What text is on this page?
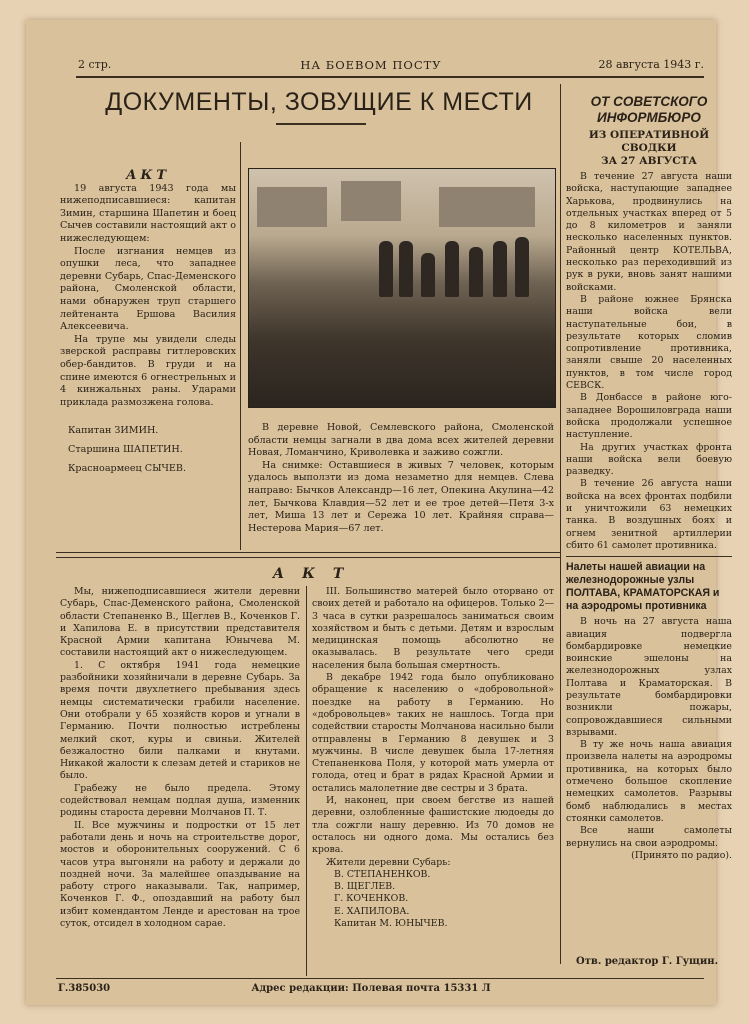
2 стр.	НА БОЕВОМ ПОСТУ	28 августа 1943 г.
ДОКУМЕНТЫ, ЗОВУЩИЕ К МЕСТИ

АКТ

19 августа 1943 года мы нижеподписавшиеся: капитан Зимин, старшина Шапетин и боец Сычев составили настоящий акт о нижеследующем:

После изгнания немцев из опушки леса, что западнее деревни Субарь, Спас-Деменского района, Смоленской области, нами обнаружен труп старшего лейтенанта Ершова Василия Алексеевича.

На трупе мы увидели следы зверской расправы гитлеровских обер-бандитов. В груди и на спине имеются 6 огнестрельных и 4 кинжальных раны. Ударами приклада размозжена голова.

Капитан ЗИМИН.

Старшина ШАПЕТИН.

Красноармеец СЫЧЕВ.

В деревне Новой, Семлевского района, Смоленской области немцы загнали в два дома всех жителей деревни Новая, Ломанчино, Криволевка и заживо сожгли.

На снимке: Оставшиеся в живых 7 человек, которым удалось выползти из дома незаметно для немцев. Слева направо: Бычков Александр—16 лет, Опекина Акулина—42 лет, Бычкова Клавдия—52 лет и ее трое детей—Петя 3-х лет, Миша 13 лет и Сережа 10 лет. Крайняя справа—Нестерова Мария—67 лет.

ОТ СОВЕТСКОГО ИНФОРМБЮРО

ИЗ ОПЕРАТИВНОЙ СВОДКИ

ЗА 27 АВГУСТА

В течение 27 августа наши войска, наступающие западнее Харькова, продвинулись на отдельных участках вперед от 5 до 8 километров и заняли несколько населенных пунктов. Районный центр КОТЕЛЬВА, несколько раз переходивший из рук в руки, вновь занят нашими войсками.

В районе южнее Брянска наши войска вели наступательные бои, в результате которых сломив сопротивление противника, заняли свыше 20 населенных пунктов, в том числе город СЕВСК.

В Донбассе в районе юго-западнее Ворошиловграда наши войска продолжали успешное наступление.

На других участках фронта наши войска вели боевую разведку.

В течение 26 августа наши войска на всех фронтах подбили и уничтожили 63 немецких танка. В воздушных боях и огнем зенитной артиллерии сбито 61 самолет противника.

Налеты нашей авиации на железнодорожные узлы ПОЛТАВА, КРАМАТОРСКАЯ и на аэродромы противника

В ночь на 27 августа наша авиация подвергла бомбардировке немецкие воинские эшелоны на железнодорожных узлах Полтава и Краматорская. В результате бомбардировки возникли пожары, сопровождавшиеся сильными взрывами.

В ту же ночь наша авиация произвела налеты на аэродромы противника, на которых было отмечено большое скопление немецких самолетов. Разрывы бомб наблюдались в местах стоянки самолетов.

Все наши самолеты вернулись на свои аэродромы.

(Принято по радио).

АКТ

Мы, нижеподписавшиеся жители деревни Субарь, Спас-Деменского района, Смоленской области Степаненко В., Щеглев В., Коченков Г. и Хапилова Е. в присутствии представителя Красной Армии капитана Юнычева М. составили настоящий акт о нижеследующем.

1. С октября 1941 года немецкие разбойники хозяйничали в деревне Субарь. За время почти двухлетнего пребывания здесь немцы систематически грабили население. Они отобрали у 65 хозяйств коров и угнали в Германию. Почти полностью истреблены мелкий скот, куры и свиньи. Жителей безжалостно били палками и кнутами. Никакой жалости к слезам детей и стариков не было.

Грабежу не было предела. Этому содействовал немцам подлая душа, изменник родины староста деревни Молчанов П. Т.

II. Все мужчины и подростки от 15 лет работали день и ночь на строительстве дорог, мостов и оборонительных сооружений. С 6 часов утра выгоняли на работу и держали до поздней ночи. За малейшее опаздывание на работу строго наказывали. Так, например, Коченков Г. Ф., опоздавший на работу был избит комендантом Ленде и арестован на трое суток, отсидел в холодном сарае.

III. Большинство матерей было оторвано от своих детей и работало на офицеров. Только 2—3 часа в сутки разрешалось заниматься своим хозяйством и быть с детьми. Детям и взрослым медицинская помощь абсолютно не оказывалась. В результате чего среди населения была большая смертность.

В декабре 1942 года было опубликовано обращение к населению о «добровольной» поездке на работу в Германию. Но «добровольцев» таких не нашлось. Тогда при содействии старосты Молчанова насильно были отправлены в Германию 8 девушек и 3 мужчины. В числе девушек была 17-летняя Степаненкова Поля, у которой мать умерла от голода, отец и брат в рядах Красной Армии и остались малолетние две сестры и 3 брата.

И, наконец, при своем бегстве из нашей деревни, озлобленные фашистские людоеды до тла сожгли нашу деревню. Из 70 домов не осталось ни одного дома. Мы остались без крова.

Жители деревни Субарь:

В. СТЕПАНЕНКОВ.

В. ЩЕГЛЕВ.

Г. КОЧЕНКОВ.

Е. ХАПИЛОВА.

Капитан М. ЮНЫЧЕВ.

Отв. редактор Г. Гущин.
Г.385030	Адрес редакции: Полевая почта 15331 Л
